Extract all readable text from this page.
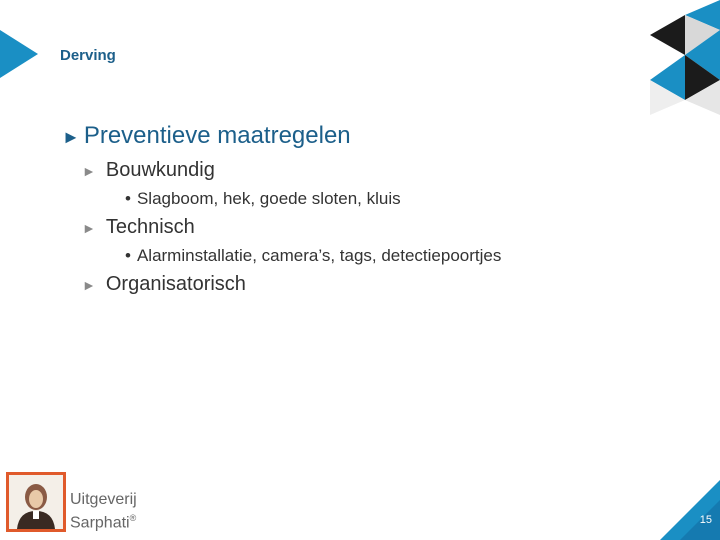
Derving
► Preventieve maatregelen
► Bouwkundig
• Slagboom, hek, goede sloten, kluis
► Technisch
• Alarminstallatie, camera’s, tags, detectiepoortjes
► Organisatorisch
Uitgeverij
Sarphati®	15
